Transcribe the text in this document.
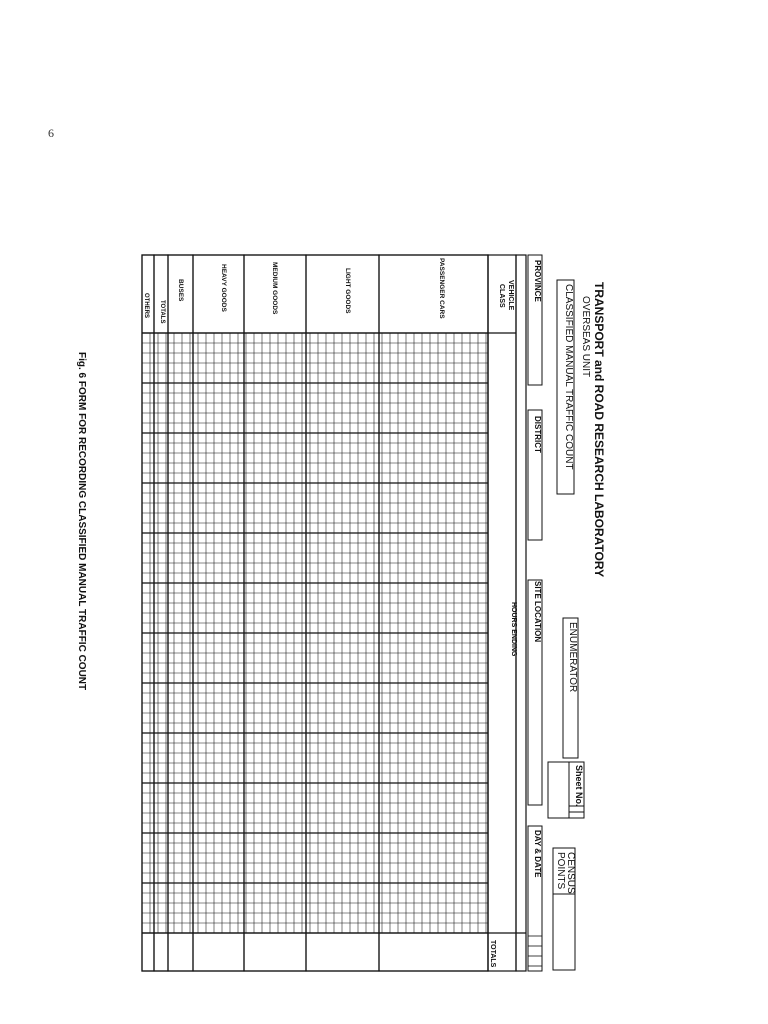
6
VEHICLE
CLASS
HOURS ENDING
TOTALS
PASSENGER CARS
LIGHT GOODS
MEDIUM GOODS
HEAVY GOODS
BUSES
TOTALS
OTHERS	TRANSPORT and ROAD RESEARCH LABORATORY
OVERSEAS UNIT
CLASSIFIED MANUAL TRAFFIC COUNT
ENUMERATOR
Sheet No.
CENSUS
POINTS
PROVINCE
DISTRICT
SITE LOCATION
DAY & DATE
Fig. 6 FORM FOR RECORDING CLASSIFIED MANUAL TRAFFIC COUNT
